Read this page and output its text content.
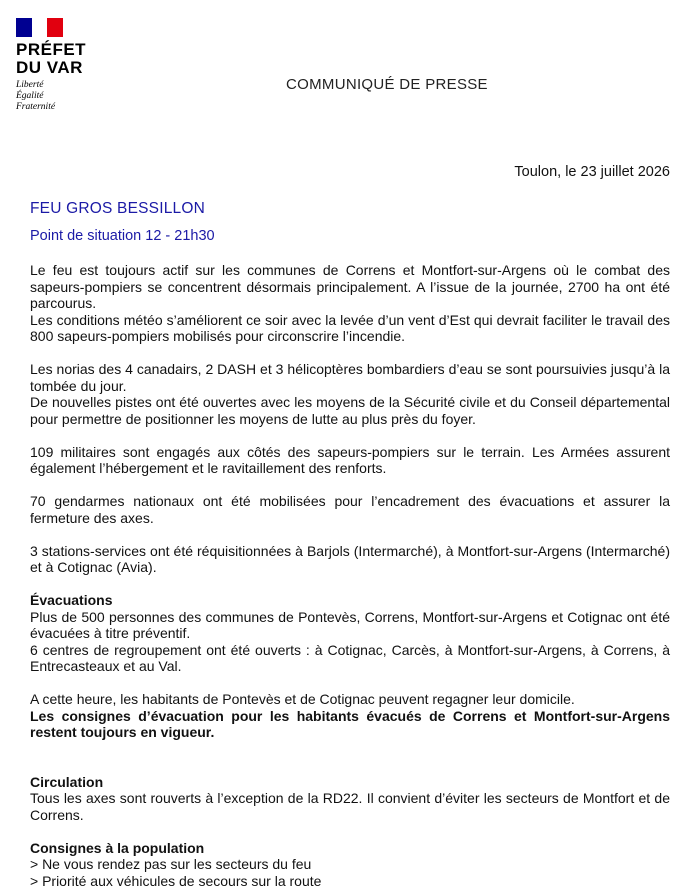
PRÉFET
DU VAR
Liberté
Égalité
Fraternité
COMMUNIQUÉ DE PRESSE
Toulon, le 23 juillet 2026
FEU GROS BESSILLON
Point de situation 12 - 21h30

Le feu est toujours actif sur les communes de Correns et Montfort-sur-Argens où le combat des sapeurs-pompiers se concentrent désormais principalement. A l’issue de la journée, 2700 ha ont été parcourus.

Les conditions météo s’améliorent ce soir avec la levée d’un vent d’Est qui devrait faciliter le travail des 800 sapeurs-pompiers mobilisés pour circonscrire l’incendie.

Les norias des 4 canadairs, 2 DASH et 3 hélicoptères bombardiers d’eau se sont poursuivies jusqu’à la tombée du jour.

De nouvelles pistes ont été ouvertes avec les moyens de la Sécurité civile et du Conseil départemental pour permettre de positionner les moyens de lutte au plus près du foyer.

109 militaires sont engagés aux côtés des sapeurs-pompiers sur le terrain. Les Armées assurent également l’hébergement et le ravitaillement des renforts.

70 gendarmes nationaux ont été mobilisées pour l’encadrement des évacuations et assurer la fermeture des axes.

3 stations-services ont été réquisitionnées à Barjols (Intermarché), à Montfort-sur-Argens (Intermarché) et à Cotignac (Avia).

Évacuations

Plus de 500 personnes des communes de Pontevès, Correns, Montfort-sur-Argens et Cotignac ont été évacuées à titre préventif.

6 centres de regroupement ont été ouverts : à Cotignac, Carcès, à Montfort-sur-Argens, à Correns, à Entrecasteaux et au Val.

A cette heure, les habitants de Pontevès et de Cotignac peuvent regagner leur domicile.

Les consignes d’évacuation pour les habitants évacués de Correns et Montfort-sur-Argens restent toujours en vigueur.

Circulation

Tous les axes sont rouverts à l’exception de la RD22. Il convient d’éviter les secteurs de Montfort et de Correns.

Consignes à la population

> Ne vous rendez pas sur les secteurs du feu

> Priorité aux véhicules de secours sur la route
